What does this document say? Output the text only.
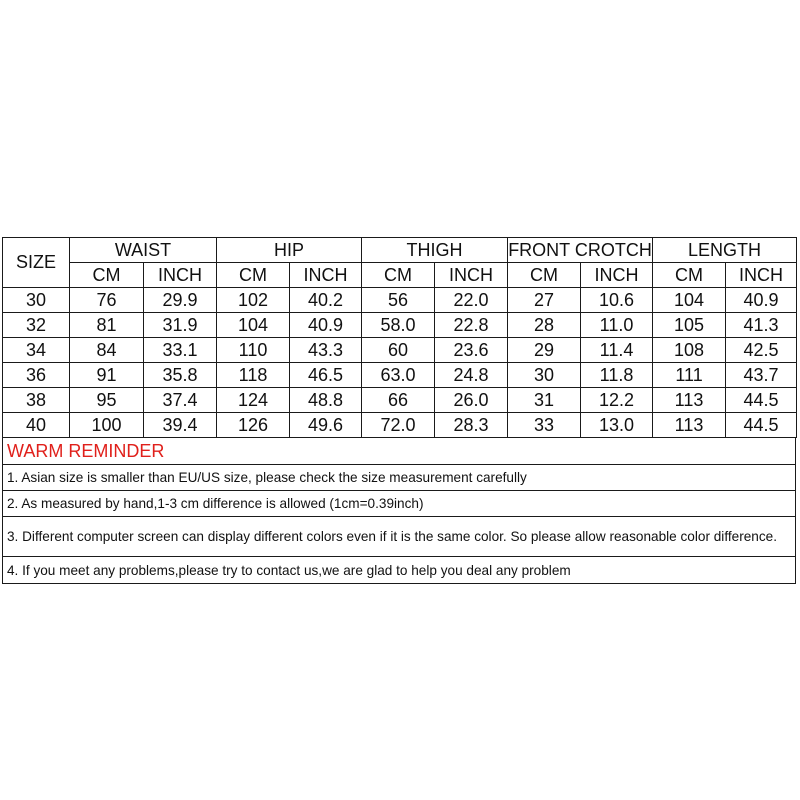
SIZE	WAIST		HIP		THIGH		FRONT CROTCH		LENGTH	
	CM	INCH	CM	INCH	CM	INCH	CM	INCH	CM	INCH
30	76	29.9	102	40.2	56	22.0	27	10.6	104	40.9
32	81	31.9	104	40.9	58.0	22.8	28	11.0	105	41.3
34	84	33.1	110	43.3	60	23.6	29	11.4	108	42.5
36	91	35.8	118	46.5	63.0	24.8	30	11.8	111	43.7
38	95	37.4	124	48.8	66	26.0	31	12.2	113	44.5
40	100	39.4	126	49.6	72.0	28.3	33	13.0	113	44.5
WARM REMINDER
1. Asian size is smaller than EU/US size, please check the size measurement carefully
2. As measured by hand,1-3 cm difference is allowed (1cm=0.39inch)
3. Different computer screen can display different colors even if it is the same color. So please allow reasonable color difference.
4. If you meet any problems,please try to contact us,we are glad to help you deal any problem
